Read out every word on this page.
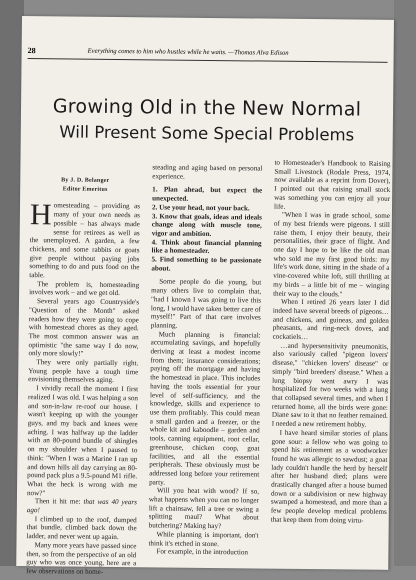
28	Everything comes to him who hustles while he waits. —Thomas Alva Edison
Growing Old in the New Normal
Will Present Some Special Problems
By J. D. Belanger
Editor Emeritus

Homesteading – providing as many of your own needs as possible – has always made sense for retirees as well as the unemployed. A garden, a few chickens, and some rabbits or goats give people without paying jobs something to do and puts food on the table.

The problem is, homesteading involves work – and we get old.

Several years ago Countryside's "Question of the Month" asked readers how they were going to cope with homestead chores as they aged. The most common answer was an optimistic "the same way I do now, only more slowly!"

They were only partially right. Young people have a tough time envisioning themselves aging.

I vividly recall the moment I first realized I was old. I was helping a son and son-in-law re-roof our house. I wasn't keeping up with the younger guys, and my back and knees were aching. I was halfway up the ladder with an 80-pound bundle of shingles on my shoulder when I paused to think: "When I was a Marine I ran up and down hills all day carrying an 80-pound pack plus a 9.5-pound M1 rifle. What the heck is wrong with me now?"

Then it hit me: that was 40 years ago!

I climbed up to the roof, dumped that bundle, climbed back down the ladder, and never went up again.

Many more years have passed since then, so from the perspective of an old guy who was once young, here are a few observations on home-

steading and aging based on personal experience.

1. Plan ahead, but expect the unexpected.

2. Use your head, not your back.

3. Know that goals, ideas and ideals change along with muscle tone, vigor and ambition.

4. Think about financial planning like a homesteader.

5. Find something to be passionate about.

Some people do die young, but many others live to complain that, "had I known I was going to live this long, I would have taken better care of myself!" Part of that care involves planning.

Much planning is financial: accumulating savings, and hopefully deriving at least a modest income from them; insurance considerations; paying off the mortgage and having the homestead in place. This includes having the tools essential for your level of self-sufficiency, and the knowledge, skills and experience to use them profitably. This could mean a small garden and a freezer, or the whole kit and kaboodle – garden and tools, canning equipment, root cellar, greenhouse, chicken coop, goat facilities, and all the essential peripherals. These obviously must be addressed long before your retirement party.

Will you heat with wood? If so, what happens when you can no longer lift a chainsaw, fell a tree or swing a splitting maul? What about butchering? Making hay?

While planning is important, don't think it's etched in stone.

For example, in the introduction

to Homesteader's Handbook to Raising Small Livestock (Rodale Press, 1974, now available as a reprint from Dover), I pointed out that raising small stock was something you can enjoy all your life.

"When I was in grade school, some of my best friends were pigeons. I still raise them, I enjoy their beauty, their personalities, their grace of flight. And one day I hope to be like the old man who sold me my first good birds: my life's work done, sitting in the shade of a vine-covered white loft, still thrilling at my birds – a little bit of me – winging their way to the clouds."

When I retired 26 years later I did indeed have several breeds of pigeons… and chickens, and guineas, and golden pheasants, and ring-neck doves, and cockatiels…

…and hypersensitivity pneumonitis, also variously called "pigeon lovers' disease," "chicken lovers' disease" or simply "bird breeders' disease." When a lung biopsy went awry I was hospitalized for two weeks with a lung that collapsed several times, and when I returned home, all the birds were gone: Diane saw to it that no feather remained. I needed a new retirement hobby.

I have heard similar stories of plans gone sour: a fellow who was going to spend his retirement as a woodworker found he was allergic to sawdust; a goat lady couldn't handle the herd by herself after her husband died; plans were drastically changed after a house burned down or a subdivision or new highway swamped a homestead, and more than a few people develop medical problems that keep them from doing virtu-
